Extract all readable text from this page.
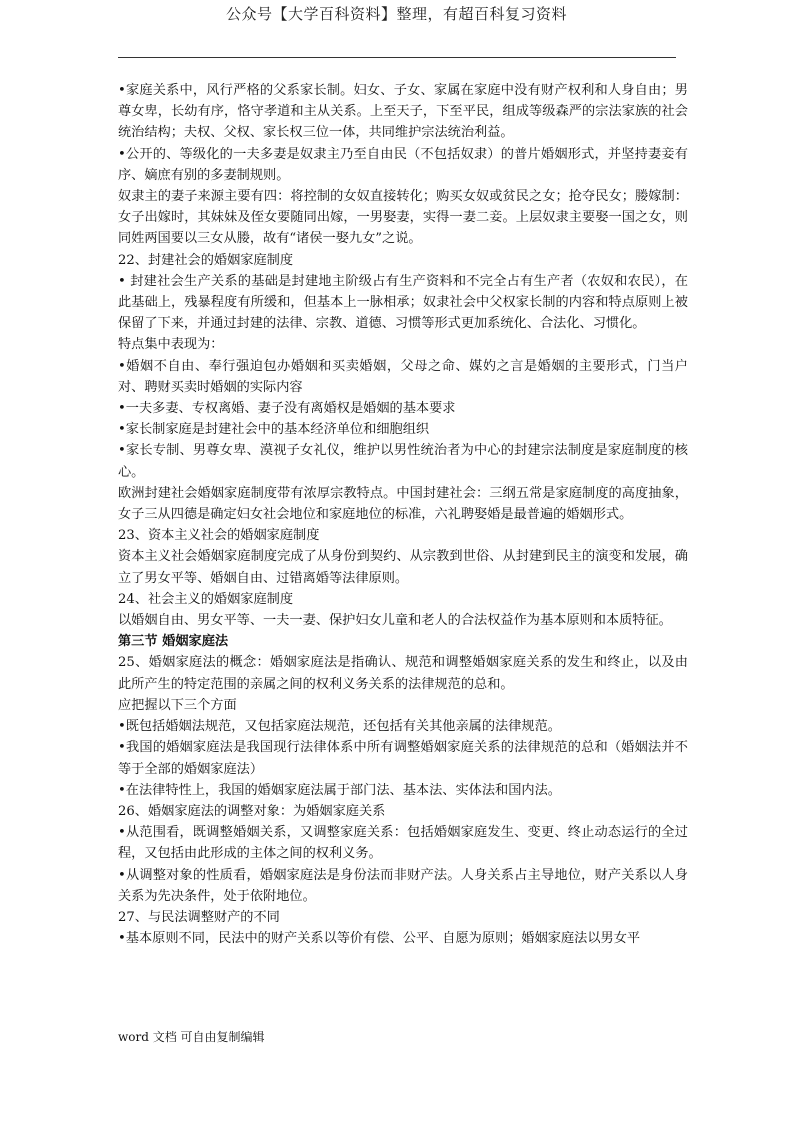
公众号【大学百科资料】整理，有超百科复习资料

•家庭关系中，风行严格的父系家长制。妇女、子女、家属在家庭中没有财产权利和人身自由；男尊女卑，长幼有序，恪守孝道和主从关系。上至天子，下至平民，组成等级森严的宗法家族的社会统治结构；夫权、父权、家长权三位一体，共同维护宗法统治利益。

•公开的、等级化的一夫多妻是奴隶主乃至自由民（不包括奴隶）的普片婚姻形式，并坚持妻妾有序、嫡庶有别的多妻制规则。

奴隶主的妻子来源主要有四：将控制的女奴直接转化；购买女奴或贫民之女；抢夺民女；媵嫁制：女子出嫁时，其妹妹及侄女要随同出嫁，一男娶妻，实得一妻二妾。上层奴隶主要娶一国之女，则同姓两国要以三女从媵，故有“诸侯一娶九女”之说。

22、封建社会的婚姻家庭制度

• 封建社会生产关系的基础是封建地主阶级占有生产资料和不完全占有生产者（农奴和农民），在此基础上，残暴程度有所缓和，但基本上一脉相承；奴隶社会中父权家长制的内容和特点原则上被保留了下来，并通过封建的法律、宗教、道德、习惯等形式更加系统化、合法化、习惯化。

特点集中表现为：

•婚姻不自由、奉行强迫包办婚姻和买卖婚姻，父母之命、媒妁之言是婚姻的主要形式，门当户对、聘财买卖时婚姻的实际内容

•一夫多妻、专权离婚、妻子没有离婚权是婚姻的基本要求

•家长制家庭是封建社会中的基本经济单位和细胞组织

•家长专制、男尊女卑、漠视子女礼仪，维护以男性统治者为中心的封建宗法制度是家庭制度的核心。

欧洲封建社会婚姻家庭制度带有浓厚宗教特点。中国封建社会：三纲五常是家庭制度的高度抽象，女子三从四德是确定妇女社会地位和家庭地位的标准，六礼聘娶婚是最普遍的婚姻形式。

23、资本主义社会的婚姻家庭制度

资本主义社会婚姻家庭制度完成了从身份到契约、从宗教到世俗、从封建到民主的演变和发展，确立了男女平等、婚姻自由、过错离婚等法律原则。

24、社会主义的婚姻家庭制度

以婚姻自由、男女平等、一夫一妻、保护妇女儿童和老人的合法权益作为基本原则和本质特征。

第三节 婚姻家庭法

25、婚姻家庭法的概念：婚姻家庭法是指确认、规范和调整婚姻家庭关系的发生和终止，以及由此所产生的特定范围的亲属之间的权利义务关系的法律规范的总和。

应把握以下三个方面

•既包括婚姻法规范，又包括家庭法规范，还包括有关其他亲属的法律规范。

•我国的婚姻家庭法是我国现行法律体系中所有调整婚姻家庭关系的法律规范的总和（婚姻法并不等于全部的婚姻家庭法）

•在法律特性上，我国的婚姻家庭法属于部门法、基本法、实体法和国内法。

26、婚姻家庭法的调整对象：为婚姻家庭关系

•从范围看，既调整婚姻关系，又调整家庭关系：包括婚姻家庭发生、变更、终止动态运行的全过程，又包括由此形成的主体之间的权利义务。

•从调整对象的性质看，婚姻家庭法是身份法而非财产法。人身关系占主导地位，财产关系以人身关系为先决条件，处于依附地位。

27、与民法调整财产的不同

•基本原则不同，民法中的财产关系以等价有偿、公平、自愿为原则；婚姻家庭法以男女平

word 文档 可自由复制编辑
